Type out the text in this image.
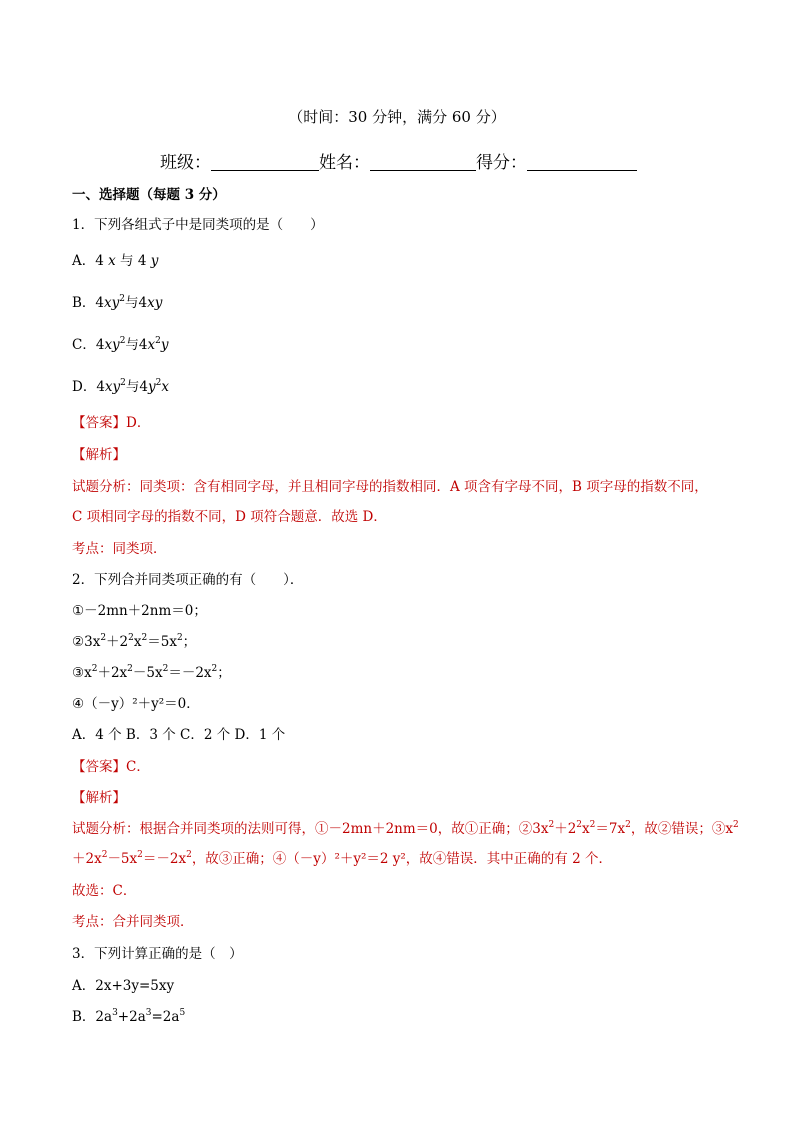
（时间：30 分钟，满分 60 分）
班级：	姓名：	得分：
一、选择题（每题 3 分）
1．下列各组式子中是同类项的是（　　）
A．4 x 与 4 y
B．$4xy^2$与4xy
C．$4xy^2$与$4x^2y$
D．$4xy^2$与$4y^2x$
【答案】D．
【解析】
试题分析：同类项：含有相同字母，并且相同字母的指数相同．A 项含有字母不同，B 项字母的指数不同，
C 项相同字母的指数不同，D 项符合题意．故选 D．
考点：同类项．
2．下列合并同类项正确的有（　　）．
①－2mn＋2nm＝0；
$②3x^2+2^2x^2=5x^2$；
$③x^2+2x^2-5x^2=-2x^2$；
④（－y）²＋y²＝0．
A．4 个 B．3 个 C．2 个 D．1 个
【答案】C．
【解析】
试题分析：根据合并同类项的法则可得，①－2mn＋2nm＝0，故①正确；$②3x^2+2^2x^2=7x^2$，故②错误；$③x^2$
$+2x^2-5x^2=-2x^2$，故③正确；④（－y）²＋y²＝2 y²，故④错误．其中正确的有 2 个．
故选：C．
考点：合并同类项．
3．下列计算正确的是（　）
A．2x+3y=5xy
B．$2a^3+2a^3=2a^5$
